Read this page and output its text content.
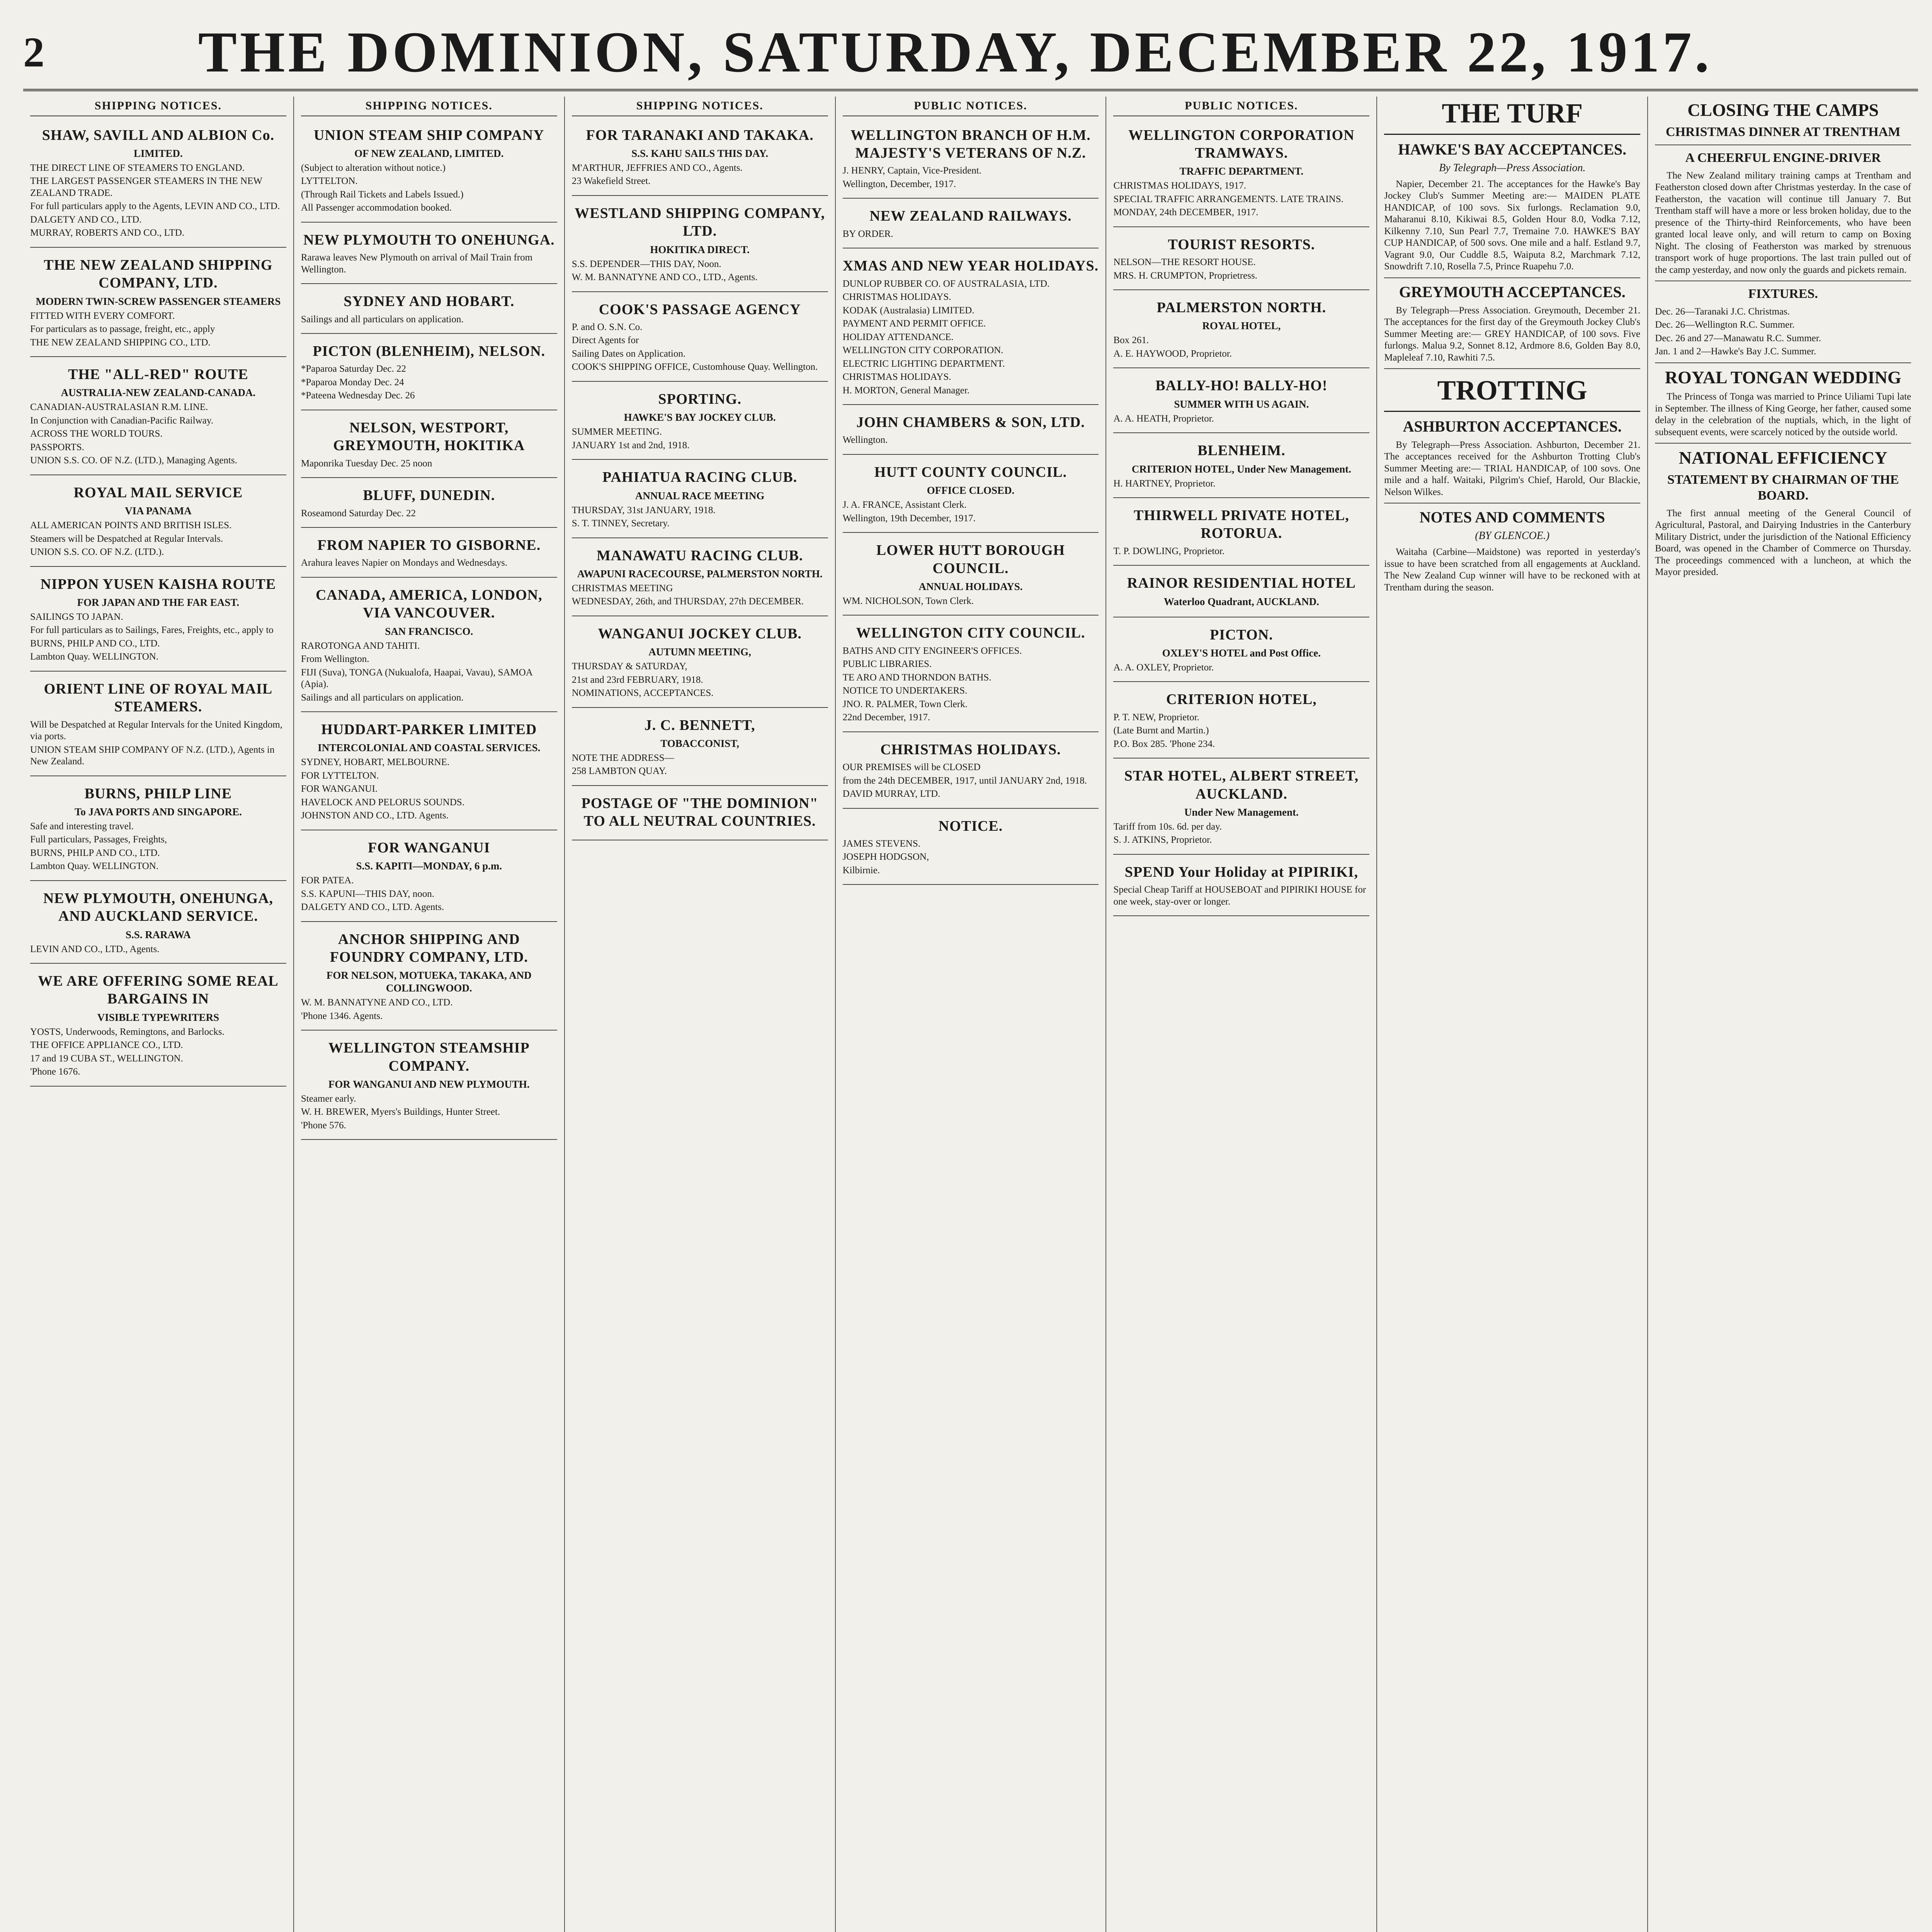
2	THE DOMINION, SATURDAY, DECEMBER 22, 1917.
SHIPPING NOTICES.
SHAW, SAVILL AND ALBION Co.
LIMITED.
THE DIRECT LINE OF STEAMERS TO ENGLAND.
THE LARGEST PASSENGER STEAMERS IN THE NEW ZEALAND TRADE.
For full particulars apply to the Agents, LEVIN AND CO., LTD.
DALGETY AND CO., LTD.
MURRAY, ROBERTS AND CO., LTD.
THE NEW ZEALAND SHIPPING COMPANY, LTD.
MODERN TWIN-SCREW PASSENGER STEAMERS
FITTED WITH EVERY COMFORT.
For particulars as to passage, freight, etc., apply
THE NEW ZEALAND SHIPPING CO., LTD.
THE "ALL-RED" ROUTE
AUSTRALIA-NEW ZEALAND-CANADA.
CANADIAN-AUSTRALASIAN R.M. LINE.
In Conjunction with Canadian-Pacific Railway.
ACROSS THE WORLD TOURS.
PASSPORTS.
UNION S.S. CO. OF N.Z. (LTD.), Managing Agents.
ROYAL MAIL SERVICE
VIA PANAMA
ALL AMERICAN POINTS AND BRITISH ISLES.
Steamers will be Despatched at Regular Intervals.
UNION S.S. CO. OF N.Z. (LTD.).
NIPPON YUSEN KAISHA ROUTE
FOR JAPAN AND THE FAR EAST.
SAILINGS TO JAPAN.
For full particulars as to Sailings, Fares, Freights, etc., apply to
BURNS, PHILP AND CO., LTD.
Lambton Quay. WELLINGTON.
ORIENT LINE OF ROYAL MAIL STEAMERS.
Will be Despatched at Regular Intervals for the United Kingdom, via ports.
UNION STEAM SHIP COMPANY OF N.Z. (LTD.), Agents in New Zealand.
BURNS, PHILP LINE
To JAVA PORTS AND SINGAPORE.
Safe and interesting travel.
Full particulars, Passages, Freights,
BURNS, PHILP AND CO., LTD.
Lambton Quay. WELLINGTON.
NEW PLYMOUTH, ONEHUNGA, AND AUCKLAND SERVICE.
S.S. RARAWA
LEVIN AND CO., LTD., Agents.
WE ARE OFFERING SOME REAL BARGAINS IN
VISIBLE TYPEWRITERS
YOSTS, Underwoods, Remingtons, and Barlocks.
THE OFFICE APPLIANCE CO., LTD.
17 and 19 CUBA ST., WELLINGTON.
'Phone 1676.
SHIPPING NOTICES.
UNION STEAM SHIP COMPANY
OF NEW ZEALAND, LIMITED.
(Subject to alteration without notice.)
LYTTELTON.
(Through Rail Tickets and Labels Issued.)
All Passenger accommodation booked.
NEW PLYMOUTH TO ONEHUNGA.
Rarawa leaves New Plymouth on arrival of Mail Train from Wellington.
SYDNEY AND HOBART.
Sailings and all particulars on application.
PICTON (BLENHEIM), NELSON.
*Paparoa Saturday Dec. 22
*Paparoa Monday Dec. 24
*Pateena Wednesday Dec. 26
NELSON, WESTPORT, GREYMOUTH, HOKITIKA
Maponrika Tuesday Dec. 25 noon
BLUFF, DUNEDIN.
Roseamond Saturday Dec. 22
FROM NAPIER TO GISBORNE.
Arahura leaves Napier on Mondays and Wednesdays.
CANADA, AMERICA, LONDON, VIA VANCOUVER.
SAN FRANCISCO.
RAROTONGA AND TAHITI.
From Wellington.
FIJI (Suva), TONGA (Nukualofa, Haapai, Vavau), SAMOA (Apia).
Sailings and all particulars on application.
HUDDART-PARKER LIMITED
INTERCOLONIAL AND COASTAL SERVICES.
SYDNEY, HOBART, MELBOURNE.
FOR LYTTELTON.
FOR WANGANUI.
HAVELOCK AND PELORUS SOUNDS.
JOHNSTON AND CO., LTD. Agents.
FOR WANGANUI
S.S. KAPITI—MONDAY, 6 p.m.
FOR PATEA.
S.S. KAPUNI—THIS DAY, noon.
DALGETY AND CO., LTD. Agents.
ANCHOR SHIPPING AND FOUNDRY COMPANY, LTD.
FOR NELSON, MOTUEKA, TAKAKA, AND COLLINGWOOD.
W. M. BANNATYNE AND CO., LTD.
'Phone 1346. Agents.
WELLINGTON STEAMSHIP COMPANY.
FOR WANGANUI AND NEW PLYMOUTH.
Steamer early.
W. H. BREWER, Myers's Buildings, Hunter Street.
'Phone 576.
SHIPPING NOTICES.
FOR TARANAKI AND TAKAKA.
S.S. KAHU SAILS THIS DAY.
M'ARTHUR, JEFFRIES AND CO., Agents.
23 Wakefield Street.
WESTLAND SHIPPING COMPANY, LTD.
HOKITIKA DIRECT.
S.S. DEPENDER—THIS DAY, Noon.
W. M. BANNATYNE AND CO., LTD., Agents.
COOK'S PASSAGE AGENCY
P. and O. S.N. Co.
Direct Agents for
Sailing Dates on Application.
COOK'S SHIPPING OFFICE, Customhouse Quay. Wellington.
SPORTING.
HAWKE'S BAY JOCKEY CLUB.
SUMMER MEETING.
JANUARY 1st and 2nd, 1918.
PAHIATUA RACING CLUB.
ANNUAL RACE MEETING
THURSDAY, 31st JANUARY, 1918.
S. T. TINNEY, Secretary.
MANAWATU RACING CLUB.
AWAPUNI RACECOURSE, PALMERSTON NORTH.
CHRISTMAS MEETING
WEDNESDAY, 26th, and THURSDAY, 27th DECEMBER.
WANGANUI JOCKEY CLUB.
AUTUMN MEETING,
THURSDAY & SATURDAY,
21st and 23rd FEBRUARY, 1918.
NOMINATIONS, ACCEPTANCES.
J. C. BENNETT,
TOBACCONIST,
NOTE THE ADDRESS—
258 LAMBTON QUAY.
POSTAGE OF "THE DOMINION" TO ALL NEUTRAL COUNTRIES.
PUBLIC NOTICES.
WELLINGTON BRANCH OF H.M. MAJESTY'S VETERANS OF N.Z.
J. HENRY, Captain, Vice-President.
Wellington, December, 1917.
NEW ZEALAND RAILWAYS.
BY ORDER.
XMAS AND NEW YEAR HOLIDAYS.
DUNLOP RUBBER CO. OF AUSTRALASIA, LTD.
CHRISTMAS HOLIDAYS.
KODAK (Australasia) LIMITED.
PAYMENT AND PERMIT OFFICE.
HOLIDAY ATTENDANCE.
WELLINGTON CITY CORPORATION.
ELECTRIC LIGHTING DEPARTMENT.
CHRISTMAS HOLIDAYS.
H. MORTON, General Manager.
JOHN CHAMBERS & SON, LTD.
Wellington.
HUTT COUNTY COUNCIL.
OFFICE CLOSED.
J. A. FRANCE, Assistant Clerk.
Wellington, 19th December, 1917.
LOWER HUTT BOROUGH COUNCIL.
ANNUAL HOLIDAYS.
WM. NICHOLSON, Town Clerk.
WELLINGTON CITY COUNCIL.
BATHS AND CITY ENGINEER'S OFFICES.
PUBLIC LIBRARIES.
TE ARO AND THORNDON BATHS.
NOTICE TO UNDERTAKERS.
JNO. R. PALMER, Town Clerk.
22nd December, 1917.
CHRISTMAS HOLIDAYS.
OUR PREMISES will be CLOSED
from the 24th DECEMBER, 1917, until JANUARY 2nd, 1918.
DAVID MURRAY, LTD.
NOTICE.
JAMES STEVENS.
JOSEPH HODGSON,
Kilbirnie.
PUBLIC NOTICES.
WELLINGTON CORPORATION TRAMWAYS.
TRAFFIC DEPARTMENT.
CHRISTMAS HOLIDAYS, 1917.
SPECIAL TRAFFIC ARRANGEMENTS. LATE TRAINS.
MONDAY, 24th DECEMBER, 1917.
TOURIST RESORTS.
NELSON—THE RESORT HOUSE.
MRS. H. CRUMPTON, Proprietress.
PALMERSTON NORTH.
ROYAL HOTEL,
Box 261.
A. E. HAYWOOD, Proprietor.
BALLY-HO! BALLY-HO!
SUMMER WITH US AGAIN.
A. A. HEATH, Proprietor.
BLENHEIM.
CRITERION HOTEL, Under New Management.
H. HARTNEY, Proprietor.
THIRWELL PRIVATE HOTEL, ROTORUA.
T. P. DOWLING, Proprietor.
RAINOR RESIDENTIAL HOTEL
Waterloo Quadrant, AUCKLAND.
PICTON.
OXLEY'S HOTEL and Post Office.
A. A. OXLEY, Proprietor.
CRITERION HOTEL,
P. T. NEW, Proprietor.
(Late Burnt and Martin.)
P.O. Box 285. 'Phone 234.
STAR HOTEL, ALBERT STREET, AUCKLAND.
Under New Management.
Tariff from 10s. 6d. per day.
S. J. ATKINS, Proprietor.
SPEND Your Holiday at PIPIRIKI,
Special Cheap Tariff at HOUSEBOAT and PIPIRIKI HOUSE for one week, stay-over or longer.
THE TURF
HAWKE'S BAY ACCEPTANCES.
By Telegraph—Press Association.

Napier, December 21. The acceptances for the Hawke's Bay Jockey Club's Summer Meeting are:— MAIDEN PLATE HANDICAP, of 100 sovs. Six furlongs. Reclamation 9.0, Maharanui 8.10, Kikiwai 8.5, Golden Hour 8.0, Vodka 7.12, Kilkenny 7.10, Sun Pearl 7.7, Tremaine 7.0. HAWKE'S BAY CUP HANDICAP, of 500 sovs. One mile and a half. Estland 9.7, Vagrant 9.0, Our Cuddle 8.5, Waiputa 8.2, Marchmark 7.12, Snowdrift 7.10, Rosella 7.5, Prince Ruapehu 7.0.

GREYMOUTH ACCEPTANCES.

By Telegraph—Press Association. Greymouth, December 21. The acceptances for the first day of the Greymouth Jockey Club's Summer Meeting are:— GREY HANDICAP, of 100 sovs. Five furlongs. Malua 9.2, Sonnet 8.12, Ardmore 8.6, Golden Bay 8.0, Mapleleaf 7.10, Rawhiti 7.5.

TROTTING
ASHBURTON ACCEPTANCES.

By Telegraph—Press Association. Ashburton, December 21. The acceptances received for the Ashburton Trotting Club's Summer Meeting are:— TRIAL HANDICAP, of 100 sovs. One mile and a half. Waitaki, Pilgrim's Chief, Harold, Our Blackie, Nelson Wilkes.

NOTES AND COMMENTS
(BY GLENCOE.)

Waitaha (Carbine—Maidstone) was reported in yesterday's issue to have been scratched from all engagements at Auckland. The New Zealand Cup winner will have to be reckoned with at Trentham during the season.

CLOSING THE CAMPS
CHRISTMAS DINNER AT TRENTHAM
A CHEERFUL ENGINE-DRIVER

The New Zealand military training camps at Trentham and Featherston closed down after Christmas yesterday. In the case of Featherston, the vacation will continue till January 7. But Trentham staff will have a more or less broken holiday, due to the presence of the Thirty-third Reinforcements, who have been granted local leave only, and will return to camp on Boxing Night. The closing of Featherston was marked by strenuous transport work of huge proportions. The last train pulled out of the camp yesterday, and now only the guards and pickets remain.

FIXTURES.
Dec. 26—Taranaki J.C. Christmas.
Dec. 26—Wellington R.C. Summer.
Dec. 26 and 27—Manawatu R.C. Summer.
Jan. 1 and 2—Hawke's Bay J.C. Summer.
ROYAL TONGAN WEDDING

The Princess of Tonga was married to Prince Uiliami Tupi late in September. The illness of King George, her father, caused some delay in the celebration of the nuptials, which, in the light of subsequent events, were scarcely noticed by the outside world.

NATIONAL EFFICIENCY
STATEMENT BY CHAIRMAN OF THE BOARD.

The first annual meeting of the General Council of Agricultural, Pastoral, and Dairying Industries in the Canterbury Military District, under the jurisdiction of the National Efficiency Board, was opened in the Chamber of Commerce on Thursday. The proceedings commenced with a luncheon, at which the Mayor presided.
